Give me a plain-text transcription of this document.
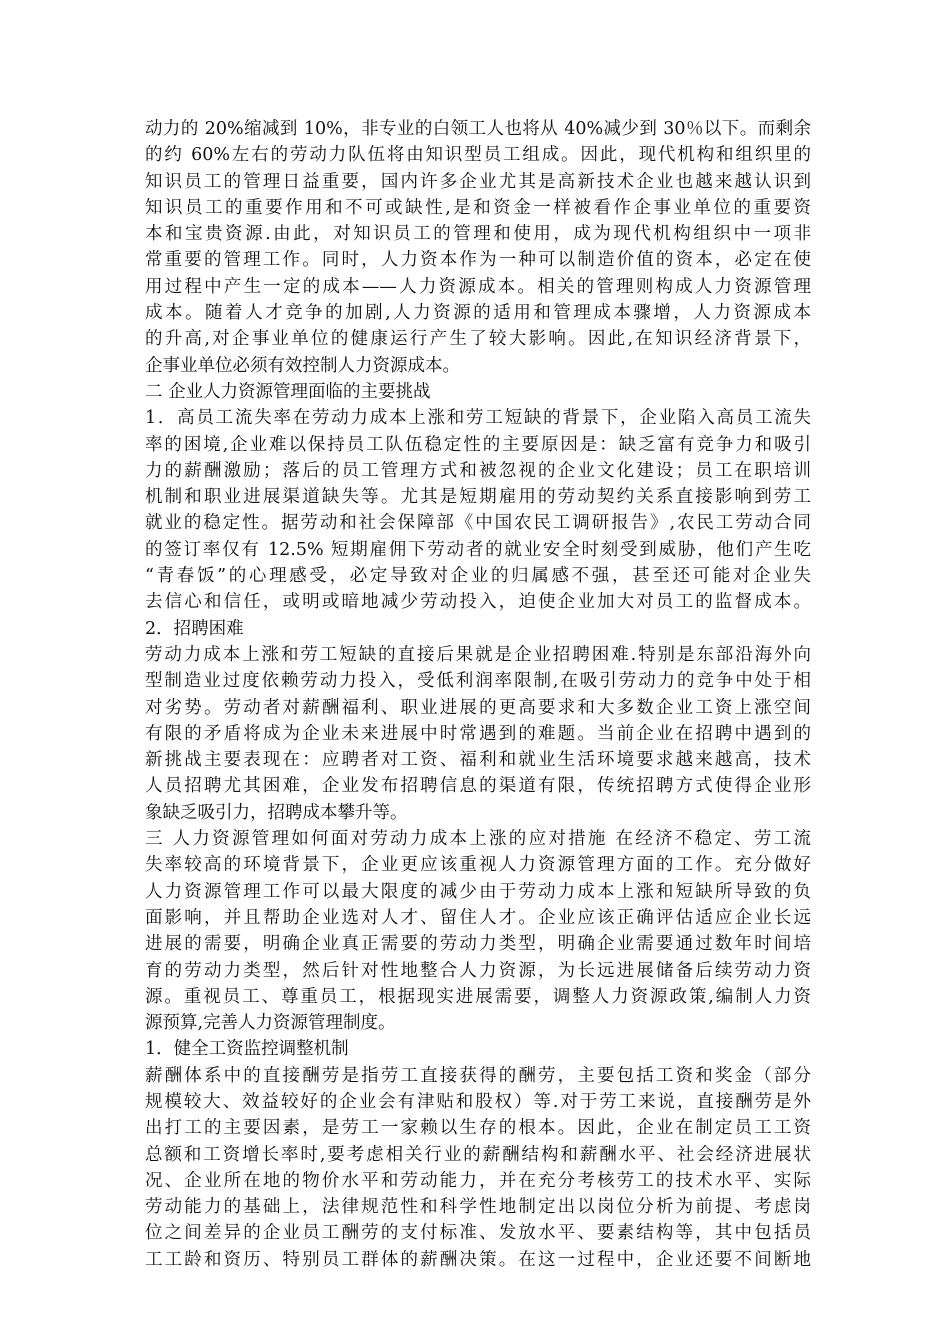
动力的 20%缩减到 10%，非专业的白领工人也将从 40%减少到 30％以下。而剩余
的约 60%左右的劳动力队伍将由知识型员工组成。因此，现代机构和组织里的
知识员工的管理日益重要，国内许多企业尤其是高新技术企业也越来越认识到
知识员工的重要作用和不可或缺性,是和资金一样被看作企事业单位的重要资
本和宝贵资源.由此，对知识员工的管理和使用，成为现代机构组织中一项非
常重要的管理工作。同时，人力资本作为一种可以制造价值的资本，必定在使
用过程中产生一定的成本——人力资源成本。相关的管理则构成人力资源管理
成本。随着人才竞争的加剧,人力资源的适用和管理成本骤增，人力资源成本
的升高,对企事业单位的健康运行产生了较大影响。因此,在知识经济背景下，
企事业单位必须有效控制人力资源成本。
二 企业人力资源管理面临的主要挑战
1．高员工流失率在劳动力成本上涨和劳工短缺的背景下，企业陷入高员工流失
率的困境,企业难以保持员工队伍稳定性的主要原因是：缺乏富有竞争力和吸引
力的薪酬激励；落后的员工管理方式和被忽视的企业文化建设；员工在职培训
机制和职业进展渠道缺失等。尤其是短期雇用的劳动契约关系直接影响到劳工
就业的稳定性。据劳动和社会保障部《中国农民工调研报告》,农民工劳动合同
的签订率仅有 12.5% 短期雇佣下劳动者的就业安全时刻受到威胁，他们产生吃
“青春饭”的心理感受，必定导致对企业的归属感不强，甚至还可能对企业失
去信心和信任，或明或暗地减少劳动投入，迫使企业加大对员工的监督成本。
2．招聘困难
劳动力成本上涨和劳工短缺的直接后果就是企业招聘困难.特别是东部沿海外向
型制造业过度依赖劳动力投入，受低利润率限制,在吸引劳动力的竞争中处于相
对劣势。劳动者对薪酬福利、职业进展的更高要求和大多数企业工资上涨空间
有限的矛盾将成为企业未来进展中时常遇到的难题。当前企业在招聘中遇到的
新挑战主要表现在：应聘者对工资、福利和就业生活环境要求越来越高，技术
人员招聘尤其困难，企业发布招聘信息的渠道有限，传统招聘方式使得企业形
象缺乏吸引力，招聘成本攀升等。
三 人力资源管理如何面对劳动力成本上涨的应对措施 在经济不稳定、劳工流
失率较高的环境背景下，企业更应该重视人力资源管理方面的工作。充分做好
人力资源管理工作可以最大限度的减少由于劳动力成本上涨和短缺所导致的负
面影响，并且帮助企业选对人才、留住人才。企业应该正确评估适应企业长远
进展的需要，明确企业真正需要的劳动力类型，明确企业需要通过数年时间培
育的劳动力类型，然后针对性地整合人力资源，为长远进展储备后续劳动力资
源。重视员工、尊重员工，根据现实进展需要，调整人力资源政策,编制人力资
源预算,完善人力资源管理制度。
1．健全工资监控调整机制
薪酬体系中的直接酬劳是指劳工直接获得的酬劳，主要包括工资和奖金（部分
规模较大、效益较好的企业会有津贴和股权）等.对于劳工来说，直接酬劳是外
出打工的主要因素，是劳工一家赖以生存的根本。因此，企业在制定员工工资
总额和工资增长率时,要考虑相关行业的薪酬结构和薪酬水平、社会经济进展状
况、企业所在地的物价水平和劳动能力，并在充分考核劳工的技术水平、实际
劳动能力的基础上，法律规范性和科学性地制定出以岗位分析为前提、考虑岗
位之间差异的企业员工酬劳的支付标准、发放水平、要素结构等，其中包括员
工工龄和资历、特别员工群体的薪酬决策。在这一过程中，企业还要不间断地
